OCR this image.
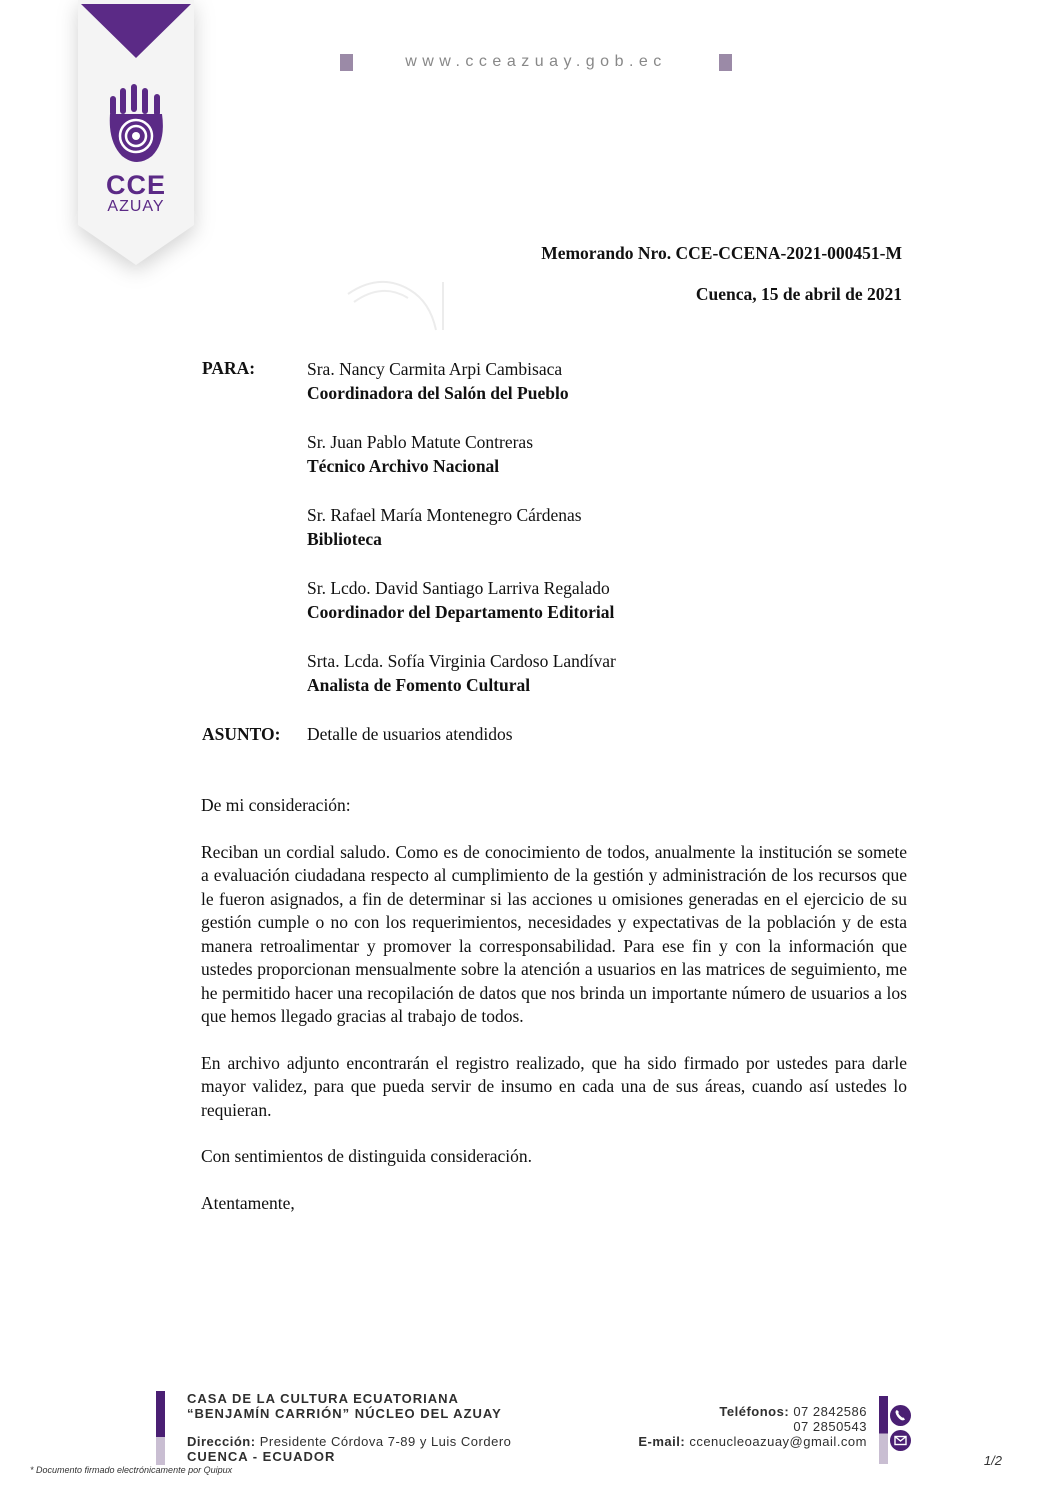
CCE
AZUAY
www.cceazuay.gob.ec
Memorando Nro. CCE-CCENA-2021-000451-M
Cuenca, 15 de abril de 2021
PARA:	Sra. Nancy Carmita Arpi Cambisaca
Coordinadora del Salón del Pueblo
Sr. Juan Pablo Matute Contreras
Técnico Archivo Nacional
Sr. Rafael María Montenegro Cárdenas
Biblioteca
Sr. Lcdo. David Santiago Larriva Regalado
Coordinador del Departamento Editorial
Srta. Lcda. Sofía Virginia Cardoso Landívar
Analista de Fomento Cultural
ASUNTO: Detalle de usuarios atendidos

De mi consideración:

Reciban un cordial saludo. Como es de conocimiento de todos, anualmente la institución se somete a evaluación ciudadana respecto al cumplimiento de la gestión y administración de los recursos que le fueron asignados, a fin de determinar si las acciones u omisiones generadas en el ejercicio de su gestión cumple o no con los requerimientos, necesidades y expectativas de la población y de esta manera retroalimentar y promover la corresponsabilidad. Para ese fin y con la información que ustedes proporcionan mensualmente sobre la atención a usuarios en las matrices de seguimiento, me he permitido hacer una recopilación de datos que nos brinda un importante número de usuarios a los que hemos llegado gracias al trabajo de todos.

En archivo adjunto encontrarán el registro realizado, que ha sido firmado por ustedes para darle mayor validez, para que pueda servir de insumo en cada una de sus áreas, cuando así ustedes lo requieran.

Con sentimientos de distinguida consideración.

Atentamente,

CASA DE LA CULTURA ECUATORIANA
“BENJAMÍN CARRIÓN” NÚCLEO DEL AZUAY
Dirección: Presidente Córdova 7-89 y Luis Cordero
CUENCA - ECUADOR
Teléfonos: 07 2842586
07 2850543
E-mail: ccenucleoazuay@gmail.com
* Documento firmado electrónicamente por Quipux
1/2
